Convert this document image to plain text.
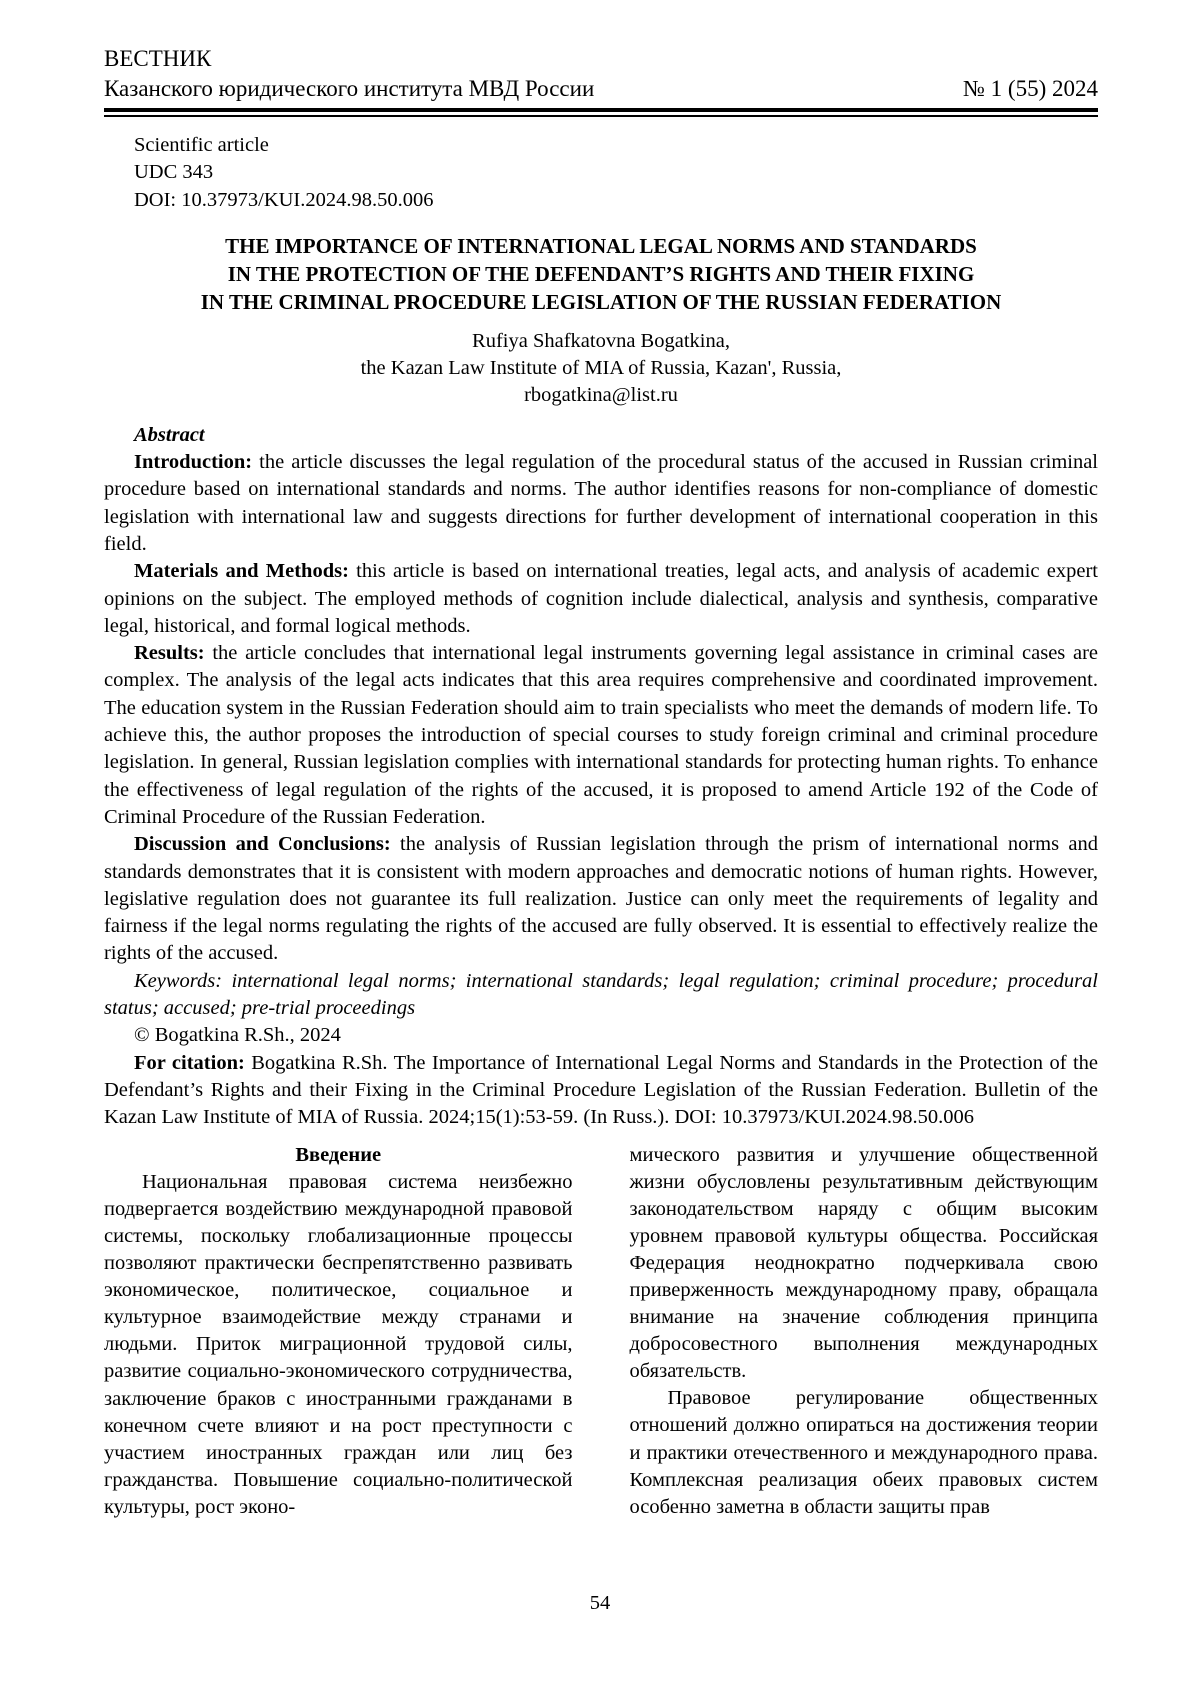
ВЕСТНИК
Казанского юридического института МВД России	№ 1 (55) 2024
Scientific article
UDC 343
DOI: 10.37973/KUI.2024.98.50.006
THE IMPORTANCE OF INTERNATIONAL LEGAL NORMS AND STANDARDS
IN THE PROTECTION OF THE DEFENDANT’S RIGHTS AND THEIR FIXING
IN THE CRIMINAL PROCEDURE LEGISLATION OF THE RUSSIAN FEDERATION
Rufiya Shafkatovna Bogatkina,
the Kazan Law Institute of MIA of Russia, Kazan', Russia,
rbogatkina@list.ru
Abstract

Introduction: the article discusses the legal regulation of the procedural status of the accused in Russian criminal procedure based on international standards and norms. The author identifies reasons for non-compliance of domestic legislation with international law and suggests directions for further development of international cooperation in this field.

Materials and Methods: this article is based on international treaties, legal acts, and analysis of academic expert opinions on the subject. The employed methods of cognition include dialectical, analysis and synthesis, comparative legal, historical, and formal logical methods.

Results: the article concludes that international legal instruments governing legal assistance in criminal cases are complex. The analysis of the legal acts indicates that this area requires comprehensive and coordinated improvement. The education system in the Russian Federation should aim to train specialists who meet the demands of modern life. To achieve this, the author proposes the introduction of special courses to study foreign criminal and criminal procedure legislation. In general, Russian legislation complies with international standards for protecting human rights. To enhance the effectiveness of legal regulation of the rights of the accused, it is proposed to amend Article 192 of the Code of Criminal Procedure of the Russian Federation.

Discussion and Conclusions: the analysis of Russian legislation through the prism of international norms and standards demonstrates that it is consistent with modern approaches and democratic notions of human rights. However, legislative regulation does not guarantee its full realization. Justice can only meet the requirements of legality and fairness if the legal norms regulating the rights of the accused are fully observed. It is essential to effectively realize the rights of the accused.

Keywords: international legal norms; international standards; legal regulation; criminal procedure; procedural status; accused; pre-trial proceedings

© Bogatkina R.Sh., 2024

For citation: Bogatkina R.Sh. The Importance of International Legal Norms and Standards in the Protection of the Defendant’s Rights and their Fixing in the Criminal Procedure Legislation of the Russian Federation. Bulletin of the Kazan Law Institute of MIA of Russia. 2024;15(1):53-59. (In Russ.). DOI: 10.37973/KUI.2024.98.50.006

Введение

Национальная правовая система неизбежно подвергается воздействию международной правовой системы, поскольку глобализационные процессы позволяют практически беспрепятственно развивать экономическое, политическое, социальное и культурное взаимодействие между странами и людьми. Приток миграционной трудовой силы, развитие социально-экономического сотрудничества, заключение браков с иностранными гражданами в конечном счете влияют и на рост преступности с участием иностранных граждан или лиц без гражданства. Повышение социально-политической культуры, рост эконо-

мического развития и улучшение общественной жизни обусловлены результативным действующим законодательством наряду с общим высоким уровнем правовой культуры общества. Российская Федерация неоднократно подчеркивала свою приверженность международному праву, обращала внимание на значение соблюдения принципа добросовестного выполнения международных обязательств.

Правовое регулирование общественных отношений должно опираться на достижения теории и практики отечественного и международного права. Комплексная реализация обеих правовых систем особенно заметна в области защиты прав

54
